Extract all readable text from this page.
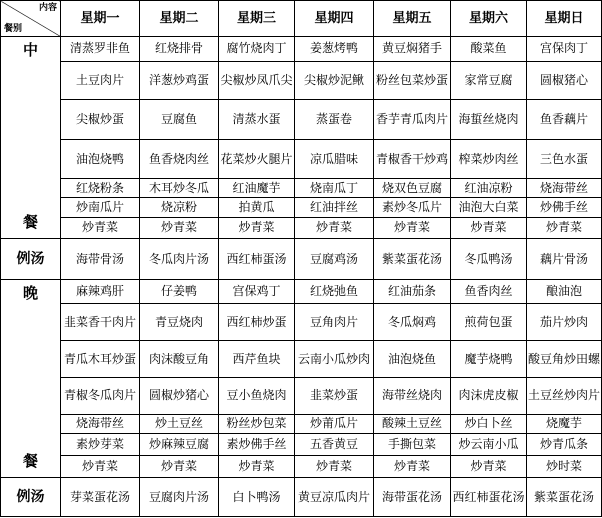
内容
餐别	星期一	星期二	星期三	星期四	星期五	星期六	星期日

中
餐	清蒸罗非鱼	红烧排骨	腐竹烧肉丁	姜葱烤鸭	黄豆焖猪手	酸菜鱼	宫保肉丁
	土豆肉片	洋葱炒鸡蛋	尖椒炒凤爪尖	尖椒炒泥鳅	粉丝包菜炒蛋	家常豆腐	圆椒猪心
	尖椒炒蛋	豆腐鱼	清蒸水蛋	蒸蛋卷	香芋青瓜肉片	海蜇丝烧肉	鱼香藕片
	油泡烧鸭	鱼香烧肉丝	花菜炒火腿片	凉瓜腊味	青椒香干炒鸡	榨菜炒肉丝	三色水蛋
	红烧粉条	木耳炒冬瓜	红油魔芋	烧南瓜丁	烧双色豆腐	红油凉粉	烧海带丝
	炒南瓜片	烧凉粉	拍黄瓜	红油拌丝	素炒冬瓜片	油泡大白菜	炒佛手丝
	炒青菜	炒青菜	炒青菜	炒青菜	炒青菜	炒青菜	炒青菜
例汤	海带骨汤	冬瓜肉片汤	西红柿蛋汤	豆腐鸡汤	紫菜蛋花汤	冬瓜鸭汤	藕片骨汤

晚
餐	麻辣鸡肝	仔姜鸭	宫保鸡丁	红烧弛鱼	红油茄条	鱼香肉丝	酿油泡
	韭菜香干肉片	青豆烧肉	西红柿炒蛋	豆角肉片	冬瓜焖鸡	煎荷包蛋	茄片炒肉
	青瓜木耳炒蛋	肉沫酸豆角	西芹鱼块	云南小瓜炒肉	油泡烧鱼	魔芋烧鸭	酸豆角炒田螺
	青椒冬瓜肉片	圆椒炒猪心	豆小鱼烧肉	韭菜炒蛋	海带丝烧肉	肉沫虎皮椒	土豆丝炒肉片
	烧海带丝	炒土豆丝	粉丝炒包菜	炒莆瓜片	酸辣土豆丝	炒白卜丝	烧魔芋
	素炒芽菜	炒麻辣豆腐	素炒佛手丝	五香黄豆	手撕包菜	炒云南小瓜	炒青瓜条
	炒青菜	炒青菜	炒青菜	炒青菜	炒青菜	炒青菜	炒时菜
例汤	芽菜蛋花汤	豆腐肉片汤	白卜鸭汤	黄豆凉瓜肉片	海带蛋花汤	西红柿蛋花汤	紫菜蛋花汤
